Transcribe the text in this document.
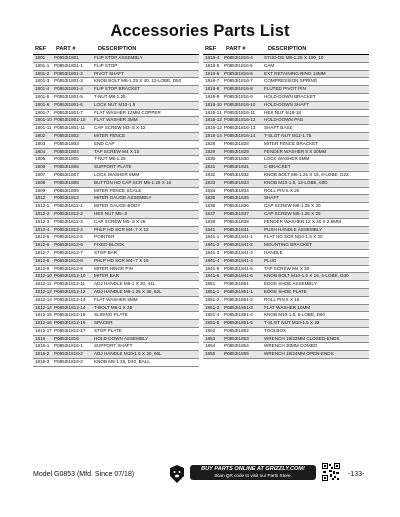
Accessories Parts List
REF	PART #	DESCRIPTION
1801	P0853I1801	FLIP STOP ASSEMBLY
1801-1	P0853I1801-1	FLIP STOP
1801-2	P0853I1801-2	PIVOT SHAFT
1801-3	P0853I1801-3	KNOB BOLT M8-1.25 X 40, 12-LOBE, D50
1801-4	P0853I1801-4	FLIP STOP BRACKET
1801-5	P0853I1801-5	T-NUT M8-1.25
1801-6	P0853I1801-6	LOCK NUT M10-1.5
1801-7	P0853I1801-7	FLAT WASHER 12MM COPPER
1801-10	P0853I1801-10	FLAT WASHER 3MM
1801-11	P0853I1801-11	CAP SCREW M3-.5 X 12
1802	P0853I1802	MITER FENCE
1803	P0853I1803	END CAP
1804	P0853I1804	TAP SCREW M4 X 10
1805	P0853I1805	T-NUT M8-1.25
1806	P0853I1806	SUPPORT PLATE
1807	P0853I1807	LOCK WASHER 8MM
1808	P0853I1808	BUTTON HD CAP SCR M8-1.25 X 16
1809	P0853I1809	MITER FENCE SCALE
1812	P0853I1812	MITER GAUGE ASSEMBLY
1812-1	P0853I1812-1	MITER GAUGE BODY
1812-2	P0853I1812-2	HEX NUT M5-.8
1812-3	P0853I1812-3	CAP SCREW M5-.8 X 25
1812-4	P0853I1812-4	PHLP HD SCR M4-.7 X 12
1812-5	P0853I1812-5	POINTER
1812-6	P0853I1812-6	FIXED BLOCK
1812-7	P0853I1812-7	STOP BAR
1812-8	P0853I1812-8	PHLP HD SCR M4-.7 X 16
1812-9	P0853I1812-9	MITER HINGE PIN
1812-10	P0853I1812-10	MITER BAR
1812-11	P0853I1812-11	ADJ HANDLE M6-1 X 30, 44L
1812-12	P0853I1812-12	ADJ HANDLE M8-1.25 X 35, 62L
1812-13	P0853I1812-13	FLAT WASHER 8MM
1812-14	P0853I1812-14	T-BOLT M6-1 X 35
1812-15	P0853I1812-15	SLIDING PLATE
1812-16	P0853I1812-16	SPACER
1812-17	P0853I1812-17	STOP PLATE
1816	P0853I1816	HOLD-DOWN ASSEMBLY
1816-1	P0853I1816-1	SUPPORT SHAFT
1816-2	P0853I1816-2	ADJ HANDLE M10-1.5 X 20, 66L
1816-3	P0853I1816-3	KNOB M8-1.25, D40, BALL
REF	PART #	DESCRIPTION
1816-4	P0853I1816-4	STUD-DE M8-1.25 X 100, 10
1816-5	P0853I1816-5	CAM
1816-6	P0853I1816-6	EXT RETAINING RING 14MM
1816-7	P0853I1816-7	COMPRESSION SPRING
1816-8	P0853I1816-8	FLUTED PIVOT PIN
1816-9	P0853I1816-9	HOLD-DOWN BRACKET
1816-10	P0853I1816-10	HOLD-DOWN SHAFT
1816-11	P0853I1816-11	HEX NUT 5/16-18
1816-12	P0853I1816-12	HOLD-DOWN PAD
1816-13	P0853I1816-13	SHAFT BASE
1816-14	P0853I1816-14	T-SLOT NUT M12-1.75
1828	P0853I1828	MITER FENCE BRACKET
1829	P0853I1829	FENDER WASHER 8 X 30MM
1830	P0853I1830	LOCK WASHER 8MM
1831	P0853I1831	C-BRACKET
1832	P0853I1832	KNOB BOLT M8-1.25 X 16, 6-LOBE, D22
1833	P0853I1833	KNOB M10-1.5, 12-LOBE, 60D
1834	P0853I1834	ROLL PIN 5 X 20
1835	P0853I1835	SHAFT
1836	P0853I1836	CAP SCREW M8-1.25 X 20
1837	P0853I1837	CAP SCREW M8-1.25 X 25
1838	P0853I1838	FENDER WASHER 12 X 30 X 2.5MM
1841	P0853I1841	PUSH HANDLE ASSEMBLY
1841-1	P0853I1841-1	FLAT HD SCR M10-1.5 X 20
1841-2	P0853I1841-2	MOUNTING BRACKET
1841-3	P0853I1841-3	HANDLE
1841-4	P0853I1841-4	PLUG
1841-5	P0853I1841-5	TAP SCREW M4 X 30
1841-6	P0853I1841-6	KNOB BOLT M10-1.5 X 16, 4-LOBE, D30
1851	P0853I1851	EDGE SHOE ASSEMBLY
1851-1	P0853I1851-1	EDGE SHOE PLATE
1851-2	P0853I1851-2	ROLL PIN 5 X 16
1851-3	P0853I1851-3	FLAT WASHER 10MM
1851-4	P0853I1851-4	KNOB M10-1.5, 6-LOBE, D60
1851-5	P0853I1851-5	T-SLOT NUT M10-1.5 X 22
1852	P0853I1852	TOOLBOX
1853	P0853I1853	WRENCH 19/22MM CLOSED-ENDS
1854	P0853I1854	WRENCH 30MM COMBO
1855	P0853I1855	WRENCH 19/24MM OPEN-ENDS
Model G0853 (Mfd. Since 07/18)
BUY PARTS ONLINE AT GRIZZLY.COM!
Scan QR code to visit our Parts Store.	-133-
